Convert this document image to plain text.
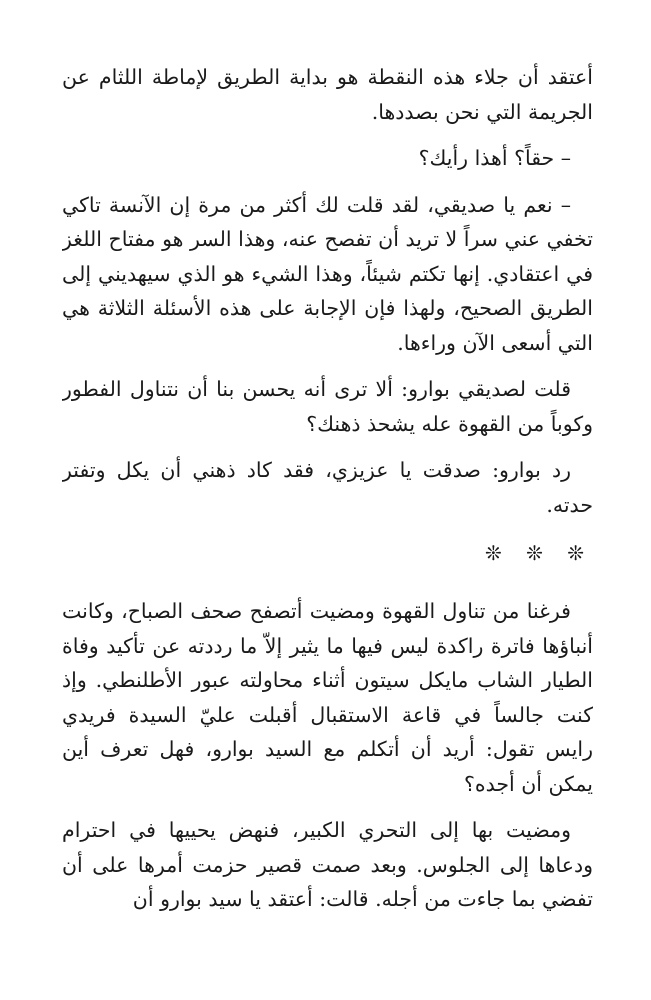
أعتقد أن جلاء هذه النقطة هو بداية الطريق لإماطة اللثام عن الجريمة التي نحن بصددها.

– حقاً؟ أهذا رأيك؟

– نعم يا صديقي، لقد قلت لك أكثر من مرة إن الآنسة تاكي تخفي عني سراً لا تريد أن تفصح عنه، وهذا السر هو مفتاح اللغز في اعتقادي. إنها تكتم شيئاً، وهذا الشيء هو الذي سيهديني إلى الطريق الصحيح، ولهذا فإن الإجابة على هذه الأسئلة الثلاثة هي التي أسعى الآن وراءها.

قلت لصديقي بوارو: ألا ترى أنه يحسن بنا أن نتناول الفطور وكوباً من القهوة عله يشحذ ذهنك؟

رد بوارو: صدقت يا عزيزي، فقد كاد ذهني أن يكل وتفتر حدته.

❊ ❊ ❊

فرغنا من تناول القهوة ومضيت أتصفح صحف الصباح، وكانت أنباؤها فاترة راكدة ليس فيها ما يثير إلاّ ما رددته عن تأكيد وفاة الطيار الشاب مايكل سيتون أثناء محاولته عبور الأطلنطي. وإذ كنت جالساً في قاعة الاستقبال أقبلت عليّ السيدة فريدي رايس تقول: أريد أن أتكلم مع السيد بوارو، فهل تعرف أين يمكن أن أجده؟

ومضيت بها إلى التحري الكبير، فنهض يحييها في احترام ودعاها إلى الجلوس. وبعد صمت قصير حزمت أمرها على أن تفضي بما جاءت من أجله. قالت: أعتقد يا سيد بوارو أن
